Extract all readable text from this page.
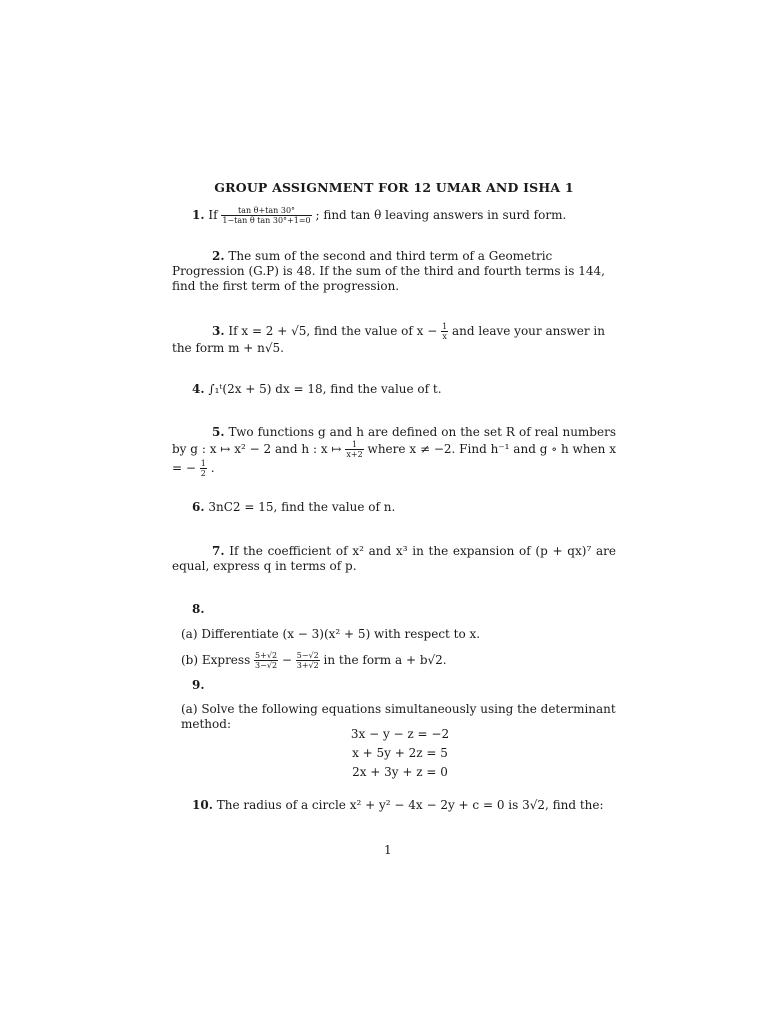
GROUP ASSIGNMENT FOR 12 UMAR AND ISHA 1
1. If $\frac{\text{tan θ+tan 30°}}{\text{1−tan θ tan 30°+1=0}}$ ; find tan θ leaving answers in surd form.
2. The sum of the second and third term of a Geometric Progression (G.P) is 48. If the sum of the third and fourth terms is 144, find the first term of the progression.
3. If x = 2 + √5, find the value of $x - \frac{1}{x}$ and leave your answer in the form m + n√5.
4. ∫₁ᵗ(2x + 5) dx = 18, find the value of t.
5. Two functions g and h are defined on the set R of real numbers by g : x ↦ x² − 2 and h : x ↦ $\frac{1}{x+2}$ where x ≠ −2. Find h⁻¹ and g ∘ h when x = − $\frac{1}{2}$ .
6. 3nC2 = 15, find the value of n.
7. If the coefficient of x² and x³ in the expansion of (p + qx)⁷ are equal, express q in terms of p.
8.
(a) Differentiate (x − 3)(x² + 5) with respect to x.
(b) Express $\frac{5+√2}{3-√2} - \frac{5-√2}{3+√2}$ in the form a + b√2.
9.
(a) Solve the following equations simultaneously using the determinant method:
3x − y − z = −2
x + 5y + 2z = 5
2x + 3y + z = 0
10. The radius of a circle x² + y² − 4x − 2y + c = 0 is 3√2, find the:
1
